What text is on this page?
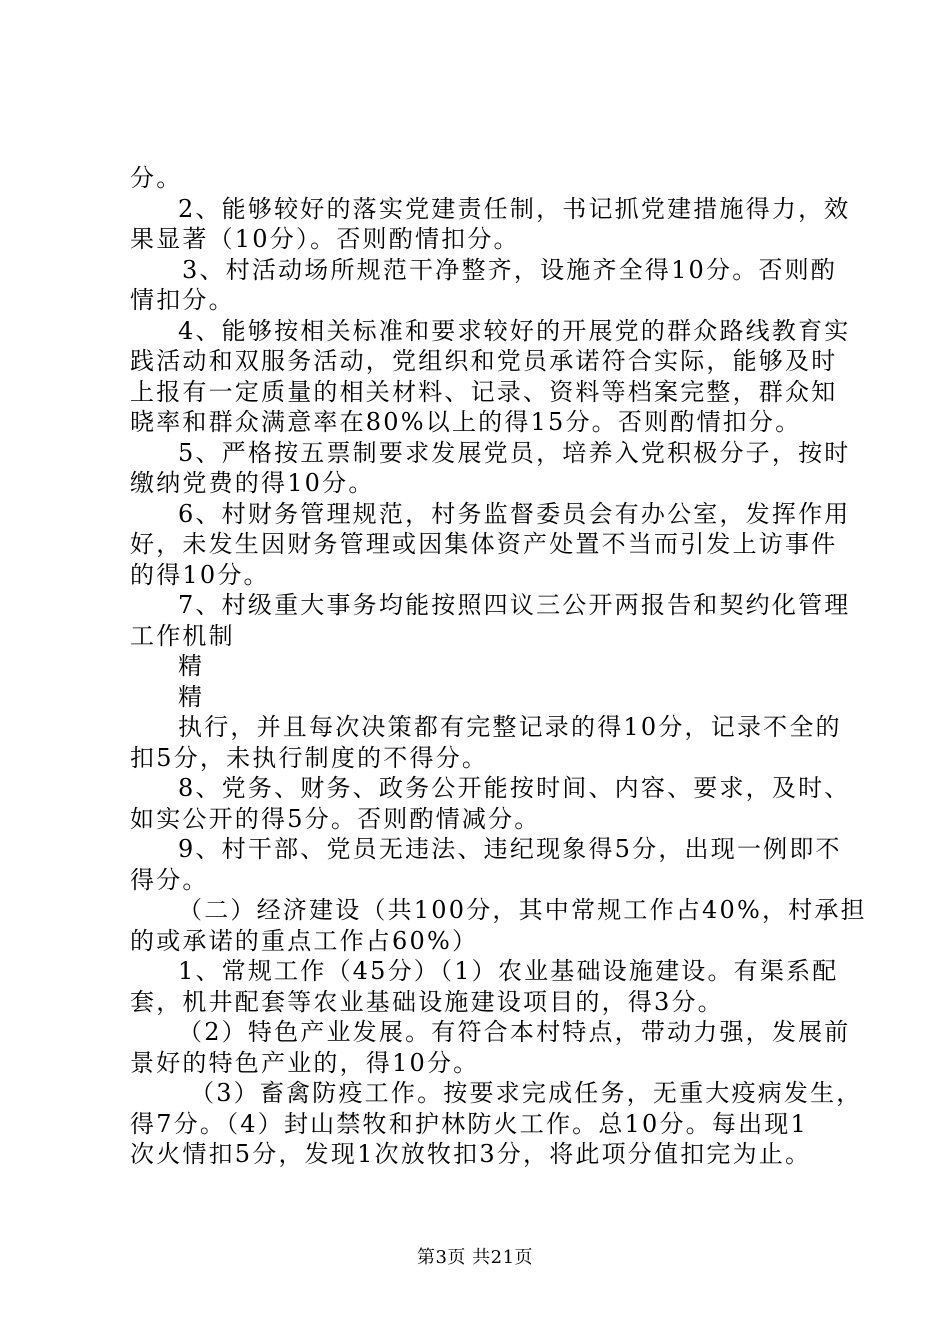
分。
2、能够较好的落实党建责任制，书记抓党建措施得力，效
果显著（10分）。否则酌情扣分。
3、村活动场所规范干净整齐，设施齐全得10分。否则酌
情扣分。
4、能够按相关标准和要求较好的开展党的群众路线教育实
践活动和双服务活动，党组织和党员承诺符合实际，能够及时
上报有一定质量的相关材料、记录、资料等档案完整，群众知
晓率和群众满意率在80%以上的得15分。否则酌情扣分。
5、严格按五票制要求发展党员，培养入党积极分子，按时
缴纳党费的得10分。
6、村财务管理规范，村务监督委员会有办公室，发挥作用
好，未发生因财务管理或因集体资产处置不当而引发上访事件
的得10分。
7、村级重大事务均能按照四议三公开两报告和契约化管理
工作机制
精
精
执行，并且每次决策都有完整记录的得10分，记录不全的
扣5分，未执行制度的不得分。
8、党务、财务、政务公开能按时间、内容、要求，及时、
如实公开的得5分。否则酌情减分。
9、村干部、党员无违法、违纪现象得5分，出现一例即不
得分。
（二）经济建设（共100分，其中常规工作占40%，村承担
的或承诺的重点工作占60%）
1、常规工作（45分）（1）农业基础设施建设。有渠系配
套，机井配套等农业基础设施建设项目的，得3分。
（2）特色产业发展。有符合本村特点，带动力强，发展前
景好的特色产业的，得10分。
（3）畜禽防疫工作。按要求完成任务，无重大疫病发生，
得7分。（4）封山禁牧和护林防火工作。总10分。每出现1
次火情扣5分，发现1次放牧扣3分，将此项分值扣完为止。
第3页 共21页
